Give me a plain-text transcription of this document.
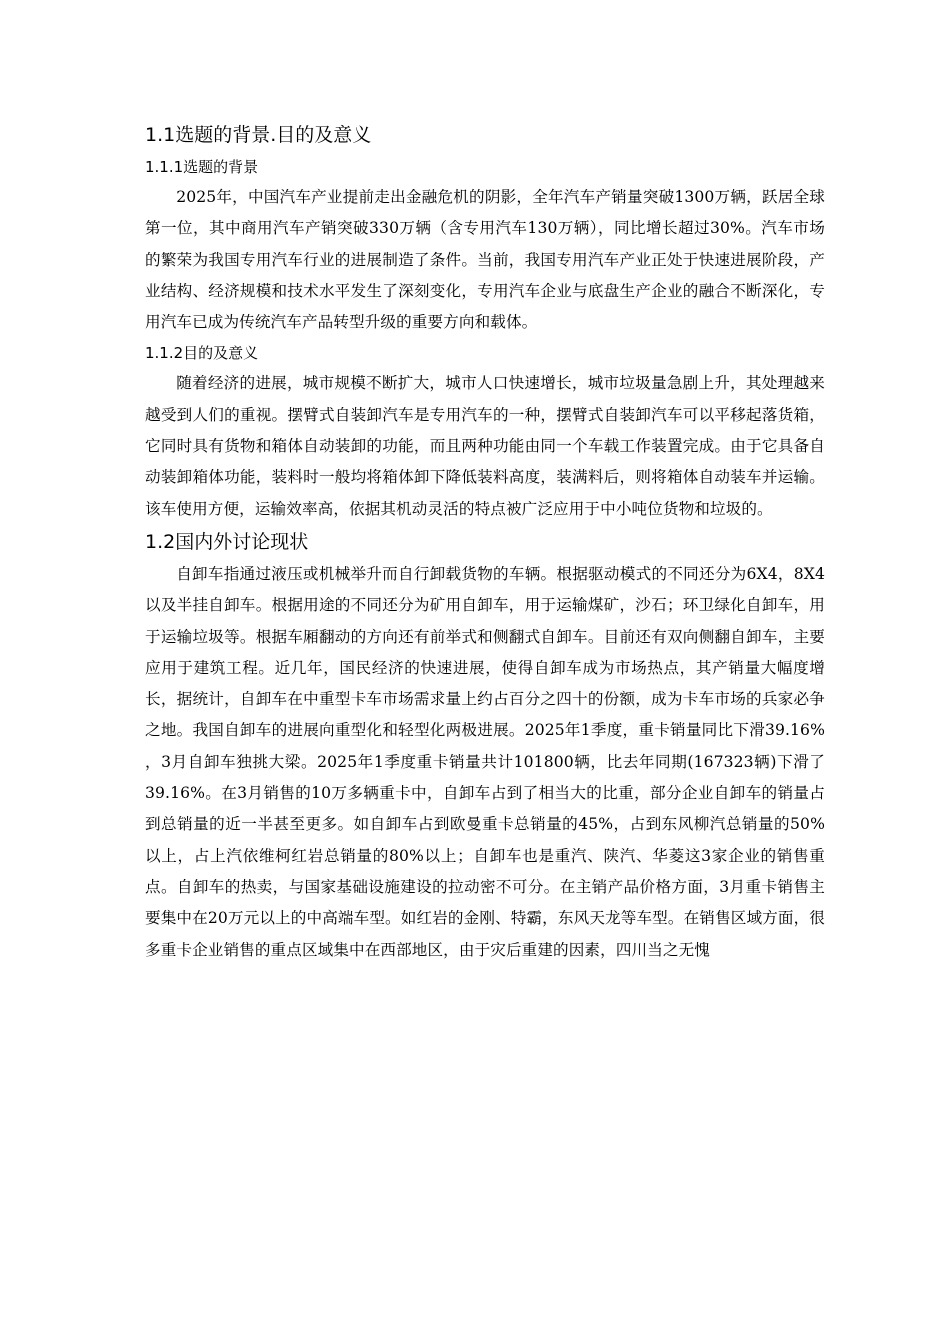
1.1选题的背景.目的及意义
1.1.1选题的背景

2025年，中国汽车产业提前走出金融危机的阴影，全年汽车产销量突破1300万辆，跃居全球第一位，其中商用汽车产销突破330万辆（含专用汽车130万辆），同比增长超过30%。汽车市场的繁荣为我国专用汽车行业的进展制造了条件。当前，我国专用汽车产业正处于快速进展阶段，产业结构、经济规模和技术水平发生了深刻变化，专用汽车企业与底盘生产企业的融合不断深化，专用汽车已成为传统汽车产品转型升级的重要方向和载体。

1.1.2目的及意义

随着经济的进展，城市规模不断扩大，城市人口快速增长，城市垃圾量急剧上升，其处理越来越受到人们的重视。摆臂式自装卸汽车是专用汽车的一种，摆臂式自装卸汽车可以平移起落货箱，它同时具有货物和箱体自动装卸的功能，而且两种功能由同一个车载工作装置完成。由于它具备自动装卸箱体功能，装料时一般均将箱体卸下降低装料高度，装满料后，则将箱体自动装车并运输。该车使用方便，运输效率高，依据其机动灵活的特点被广泛应用于中小吨位货物和垃圾的。

1.2国内外讨论现状

自卸车指通过液压或机械举升而自行卸载货物的车辆。根据驱动模式的不同还分为6X4，8X4以及半挂自卸车。根据用途的不同还分为矿用自卸车，用于运输煤矿，沙石；环卫绿化自卸车，用于运输垃圾等。根据车厢翻动的方向还有前举式和侧翻式自卸车。目前还有双向侧翻自卸车，主要应用于建筑工程。近几年，国民经济的快速进展，使得自卸车成为市场热点，其产销量大幅度增长，据统计，自卸车在中重型卡车市场需求量上约占百分之四十的份额，成为卡车市场的兵家必争之地。我国自卸车的进展向重型化和轻型化两极进展。2025年1季度，重卡销量同比下滑39.16% ，3月自卸车独挑大梁。2025年1季度重卡销量共计101800辆，比去年同期(167323辆)下滑了39.16%。在3月销售的10万多辆重卡中，自卸车占到了相当大的比重，部分企业自卸车的销量占到总销量的近一半甚至更多。如自卸车占到欧曼重卡总销量的45%，占到东风柳汽总销量的50%以上，占上汽依维柯红岩总销量的80%以上；自卸车也是重汽、陕汽、华菱这3家企业的销售重点。自卸车的热卖，与国家基础设施建设的拉动密不可分。在主销产品价格方面，3月重卡销售主要集中在20万元以上的中高端车型。如红岩的金刚、特霸，东风天龙等车型。在销售区域方面，很多重卡企业销售的重点区域集中在西部地区，由于灾后重建的因素，四川当之无愧
